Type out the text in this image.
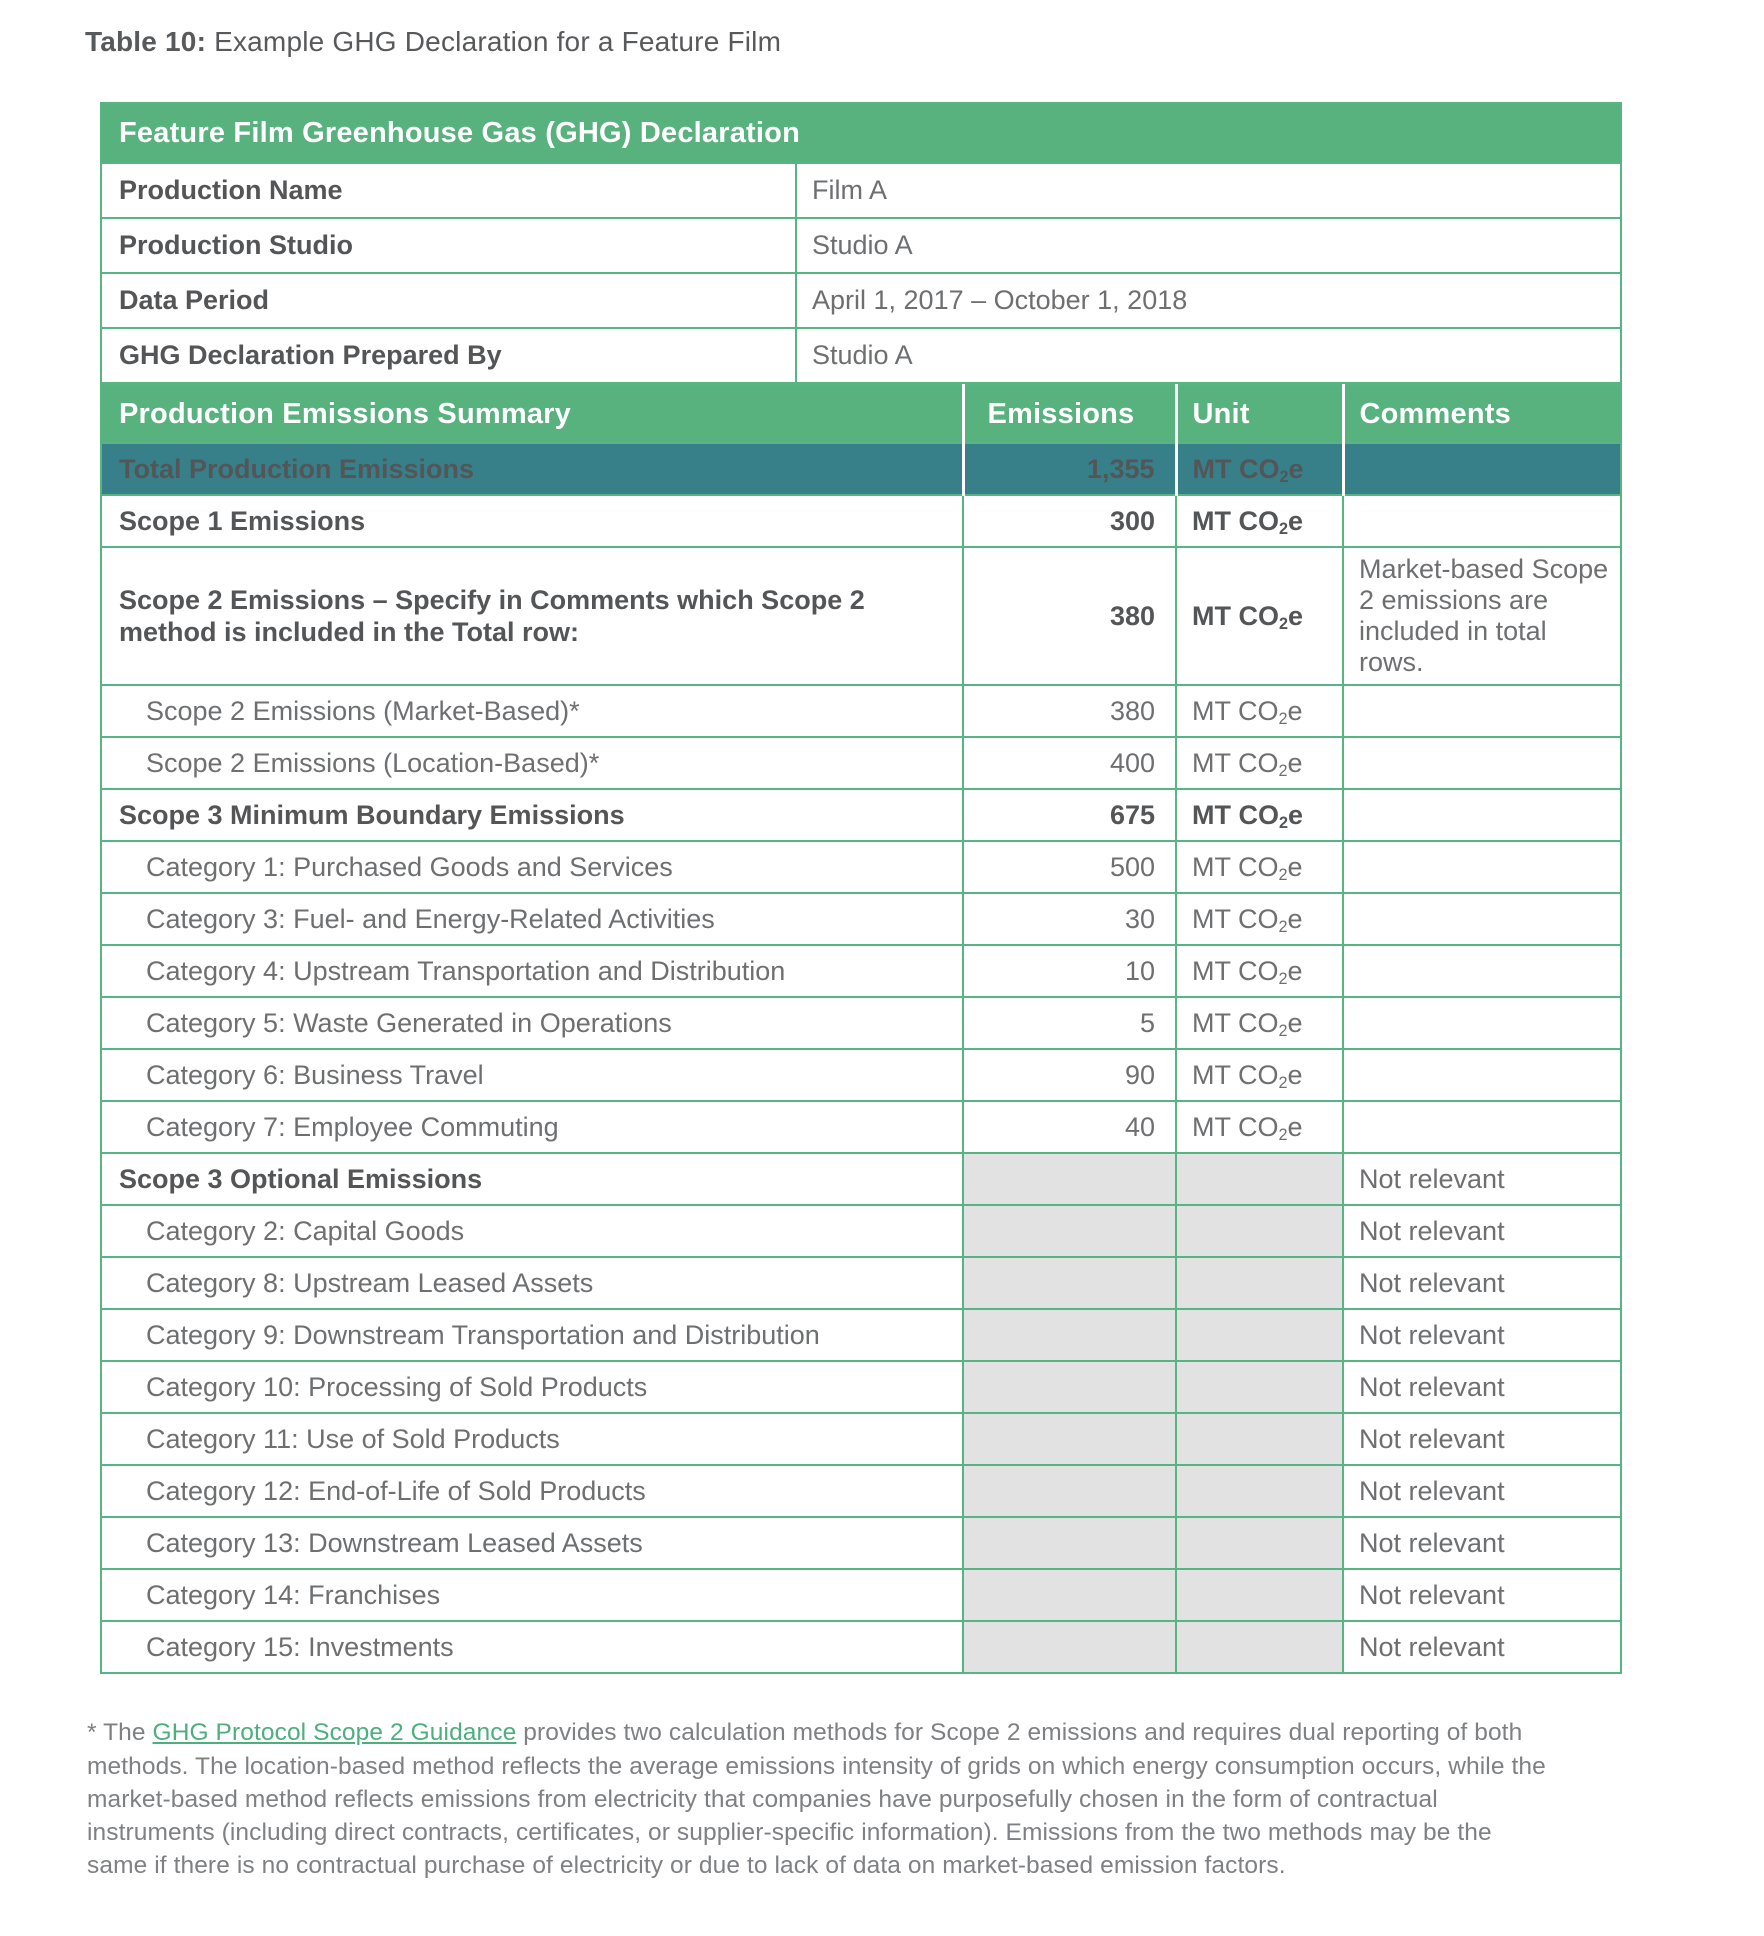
Table 10: Example GHG Declaration for a Feature Film

Feature Film Greenhouse Gas (GHG) Declaration	
Production Name	Film A
Production Studio	Studio A
Data Period	April 1, 2017 – October 1, 2018
GHG Declaration Prepared By	Studio A
Production Emissions Summary	Emissions	Unit	Comments
Total Production Emissions	1,355	MT $CO_2e$	
Scope 1 Emissions	300	MT $CO_2e$	
Scope 2 Emissions – Specify in Comments which Scope 2 method is included in the Total row:	380	MT $CO_2e$	Market-based Scope 2 emissions are included in total rows.
Scope 2 Emissions (Market-Based)*	380	MT $CO_2e$	
Scope 2 Emissions (Location-Based)*	400	MT $CO_2e$	
Scope 3 Minimum Boundary Emissions	675	MT $CO_2e$	
Category 1: Purchased Goods and Services	500	MT $CO_2e$	
Category 3: Fuel- and Energy-Related Activities	30	MT $CO_2e$	
Category 4: Upstream Transportation and Distribution	10	MT $CO_2e$	
Category 5: Waste Generated in Operations	5	MT $CO_2e$	
Category 6: Business Travel	90	MT $CO_2e$	
Category 7: Employee Commuting	40	MT $CO_2e$	
Scope 3 Optional Emissions			Not relevant
Category 2: Capital Goods			Not relevant
Category 8: Upstream Leased Assets			Not relevant
Category 9: Downstream Transportation and Distribution			Not relevant
Category 10: Processing of Sold Products			Not relevant
Category 11: Use of Sold Products			Not relevant
Category 12: End-of-Life of Sold Products			Not relevant
Category 13: Downstream Leased Assets			Not relevant
Category 14: Franchises			Not relevant
Category 15: Investments			Not relevant

* The GHG Protocol Scope 2 Guidance provides two calculation methods for Scope 2 emissions and requires dual reporting of both methods. The location-based method reflects the average emissions intensity of grids on which energy consumption occurs, while the market-based method reflects emissions from electricity that companies have purposefully chosen in the form of contractual instruments (including direct contracts, certificates, or supplier-specific information). Emissions from the two methods may be the same if there is no contractual purchase of electricity or due to lack of data on market-based emission factors.
